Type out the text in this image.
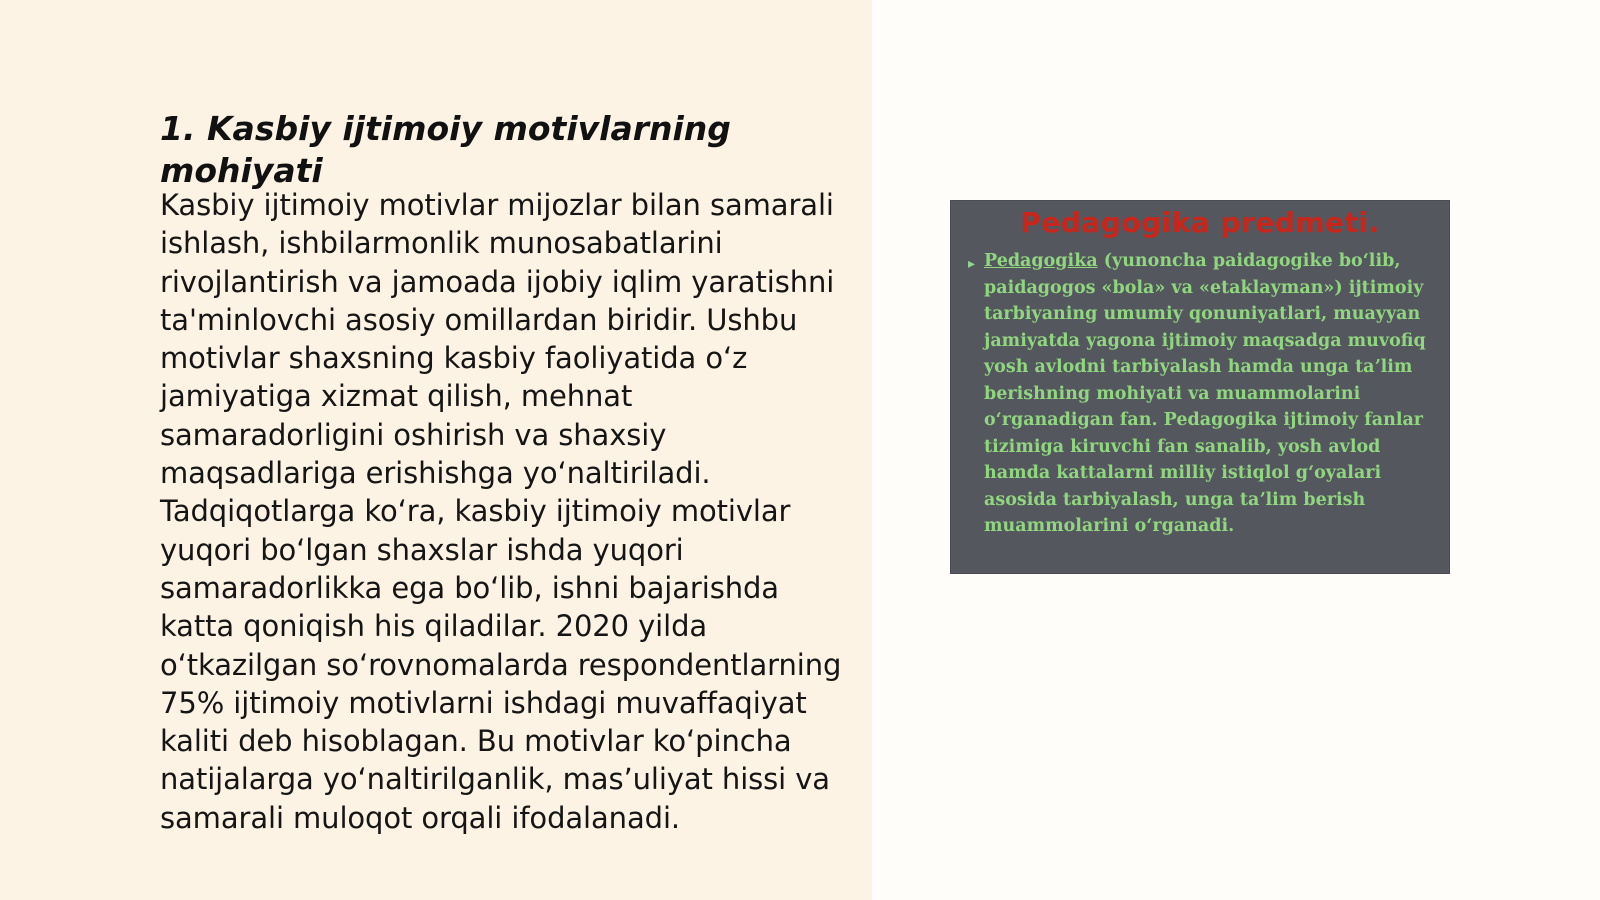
1. Kasbiy ijtimoiy motivlarning mohiyati

Kasbiy ijtimoiy motivlar mijozlar bilan samarali ishlash, ishbilarmonlik munosabatlarini rivojlantirish va jamoada ijobiy iqlim yaratishni ta'minlovchi asosiy omillardan biridir. Ushbu motivlar shaxsning kasbiy faoliyatida oʻz jamiyatiga xizmat qilish, mehnat samaradorligini oshirish va shaxsiy maqsadlariga erishishga yoʻnaltiriladi. Tadqiqotlarga koʻra, kasbiy ijtimoiy motivlar yuqori boʻlgan shaxslar ishda yuqori samaradorlikka ega boʻlib, ishni bajarishda katta qoniqish his qiladilar. 2020 yilda oʻtkazilgan soʻrovnomalarda respondentlarning 75% ijtimoiy motivlarni ishdagi muvaffaqiyat kaliti deb hisoblagan. Bu motivlar koʻpincha natijalarga yoʻnaltirilganlik, masʼuliyat hissi va samarali muloqot orqali ifodalanadi.

Pedagogika predmeti.
▸ Pedagogika (yunoncha paidagogike boʻlib, paidagogos «bola» va «etaklayman») ijtimoiy tarbiyaning umumiy qonuniyatlari, muayyan jamiyatda yagona ijtimoiy maqsadga muvofiq yosh avlodni tarbiyalash hamda unga taʼlim berishning mohiyati va muammolarini oʻrganadigan fan. Pedagogika ijtimoiy fanlar tizimiga kiruvchi fan sanalib, yosh avlod hamda kattalarni milliy istiqlol gʻoyalari asosida tarbiyalash, unga taʼlim berish muammolarini oʻrganadi.
